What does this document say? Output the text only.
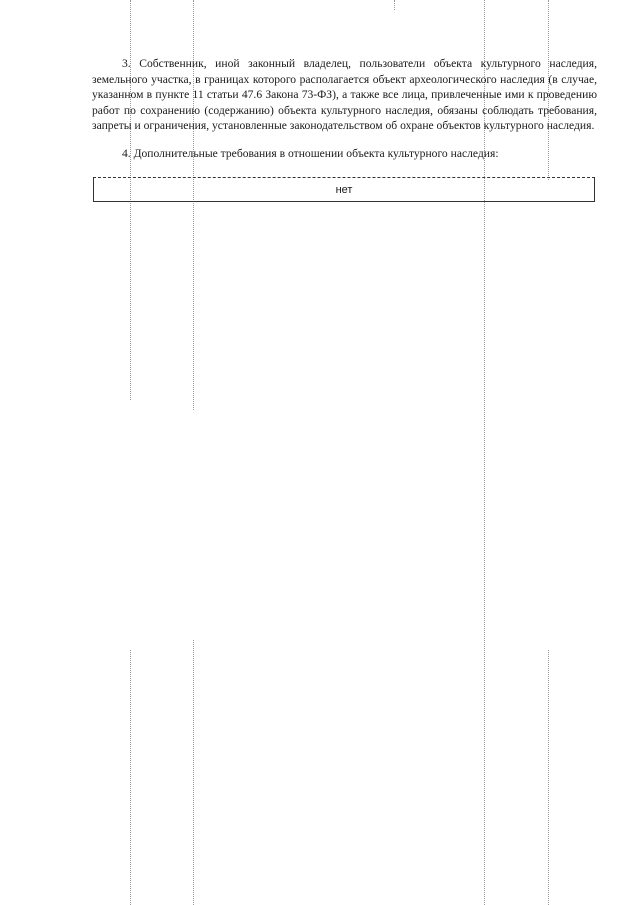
3. Собственник, иной законный владелец, пользователи объекта культурного наследия, земельного участка, в границах которого располагается объект археологического наследия (в случае, указанном в пункте 11 статьи 47.6 Закона 73-ФЗ), а также все лица, привлеченные ими к проведению работ по сохранению (содержанию) объекта культурного наследия, обязаны соблюдать требования, запреты и ограничения, установленные законодательством об охране объектов культурного наследия.

4. Дополнительные требования в отношении объекта культурного наследия:

нет
